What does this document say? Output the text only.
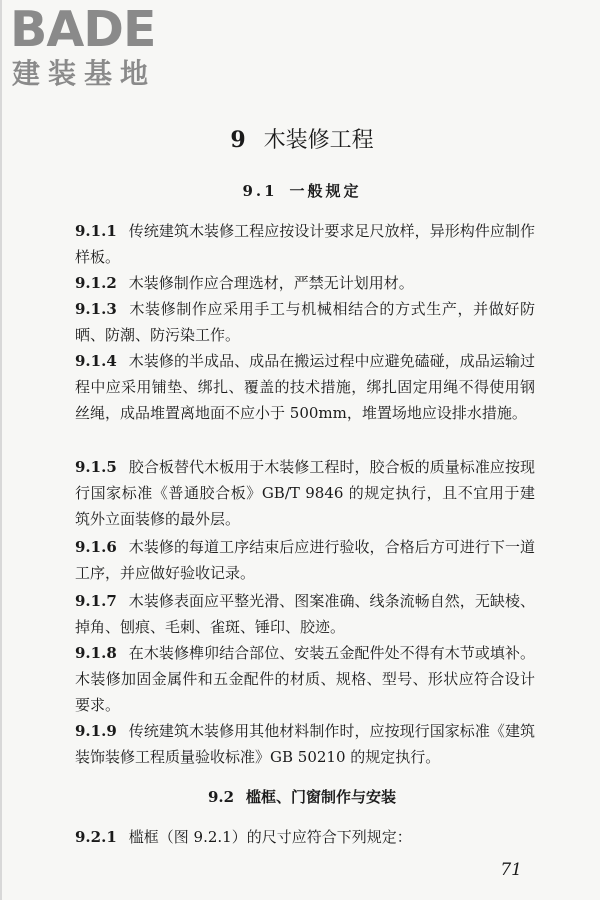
BADE
建装基地
9 木装修工程
9.1 一般规定
9.1.1 传统建筑木装修工程应按设计要求足尺放样，异形构件应制作样板。
9.1.2 木装修制作应合理选材，严禁无计划用材。
9.1.3 木装修制作应采用手工与机械相结合的方式生产，并做好防晒、防潮、防污染工作。
9.1.4 木装修的半成品、成品在搬运过程中应避免磕碰，成品运输过程中应采用铺垫、绑扎、覆盖的技术措施，绑扎固定用绳不得使用钢丝绳，成品堆置离地面不应小于 500mm，堆置场地应设排水措施。
9.1.5 胶合板替代木板用于木装修工程时，胶合板的质量标准应按现行国家标准《普通胶合板》GB/T 9846 的规定执行，且不宜用于建筑外立面装修的最外层。
9.1.6 木装修的每道工序结束后应进行验收，合格后方可进行下一道工序，并应做好验收记录。
9.1.7 木装修表面应平整光滑、图案准确、线条流畅自然，无缺棱、掉角、刨痕、毛刺、雀斑、锤印、胶迹。
9.1.8 在木装修榫卯结合部位、安装五金配件处不得有木节或填补。木装修加固金属件和五金配件的材质、规格、型号、形状应符合设计要求。
9.1.9 传统建筑木装修用其他材料制作时，应按现行国家标准《建筑装饰装修工程质量验收标准》GB 50210 的规定执行。
9.2 槛框、门窗制作与安装
9.2.1 槛框（图 9.2.1）的尺寸应符合下列规定：
71
